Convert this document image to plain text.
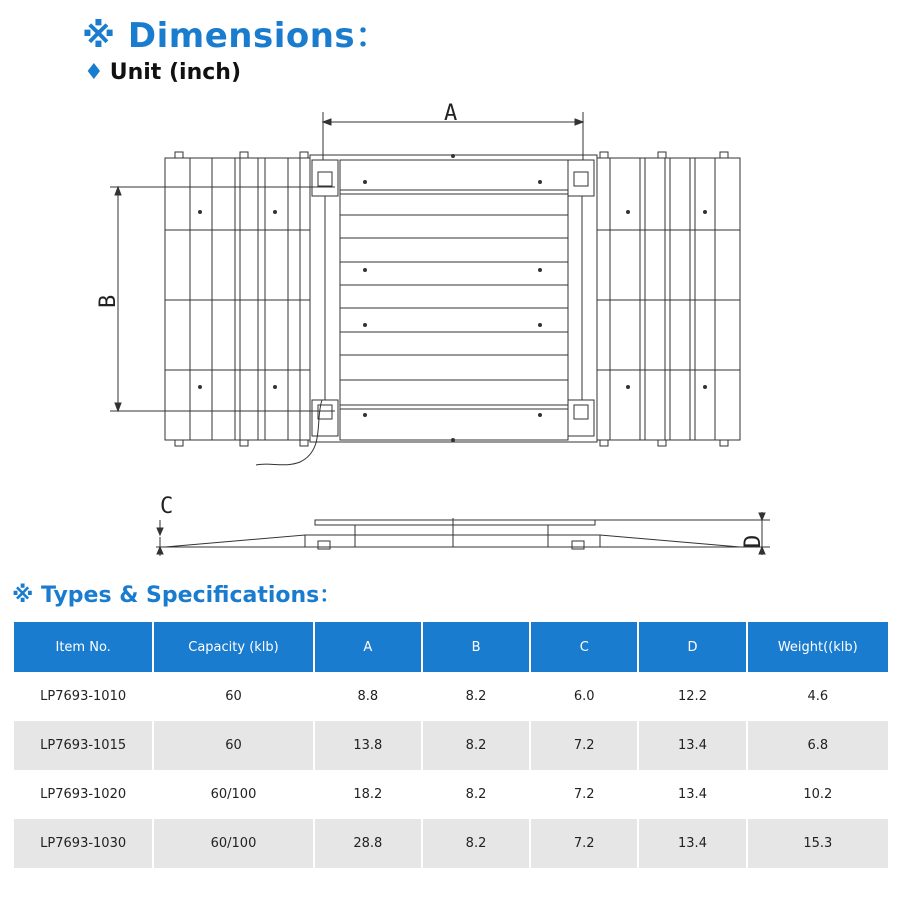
※ Dimensions：
♦ Unit (inch)
A
B
C
D
※ Types & Specifications：
Item No.	Capacity (klb)	A	B	C	D	Weight((klb)
LP7693-1010	60	8.8	8.2	6.0	12.2	4.6
LP7693-1015	60	13.8	8.2	7.2	13.4	6.8
LP7693-1020	60/100	18.2	8.2	7.2	13.4	10.2
LP7693-1030	60/100	28.8	8.2	7.2	13.4	15.3
